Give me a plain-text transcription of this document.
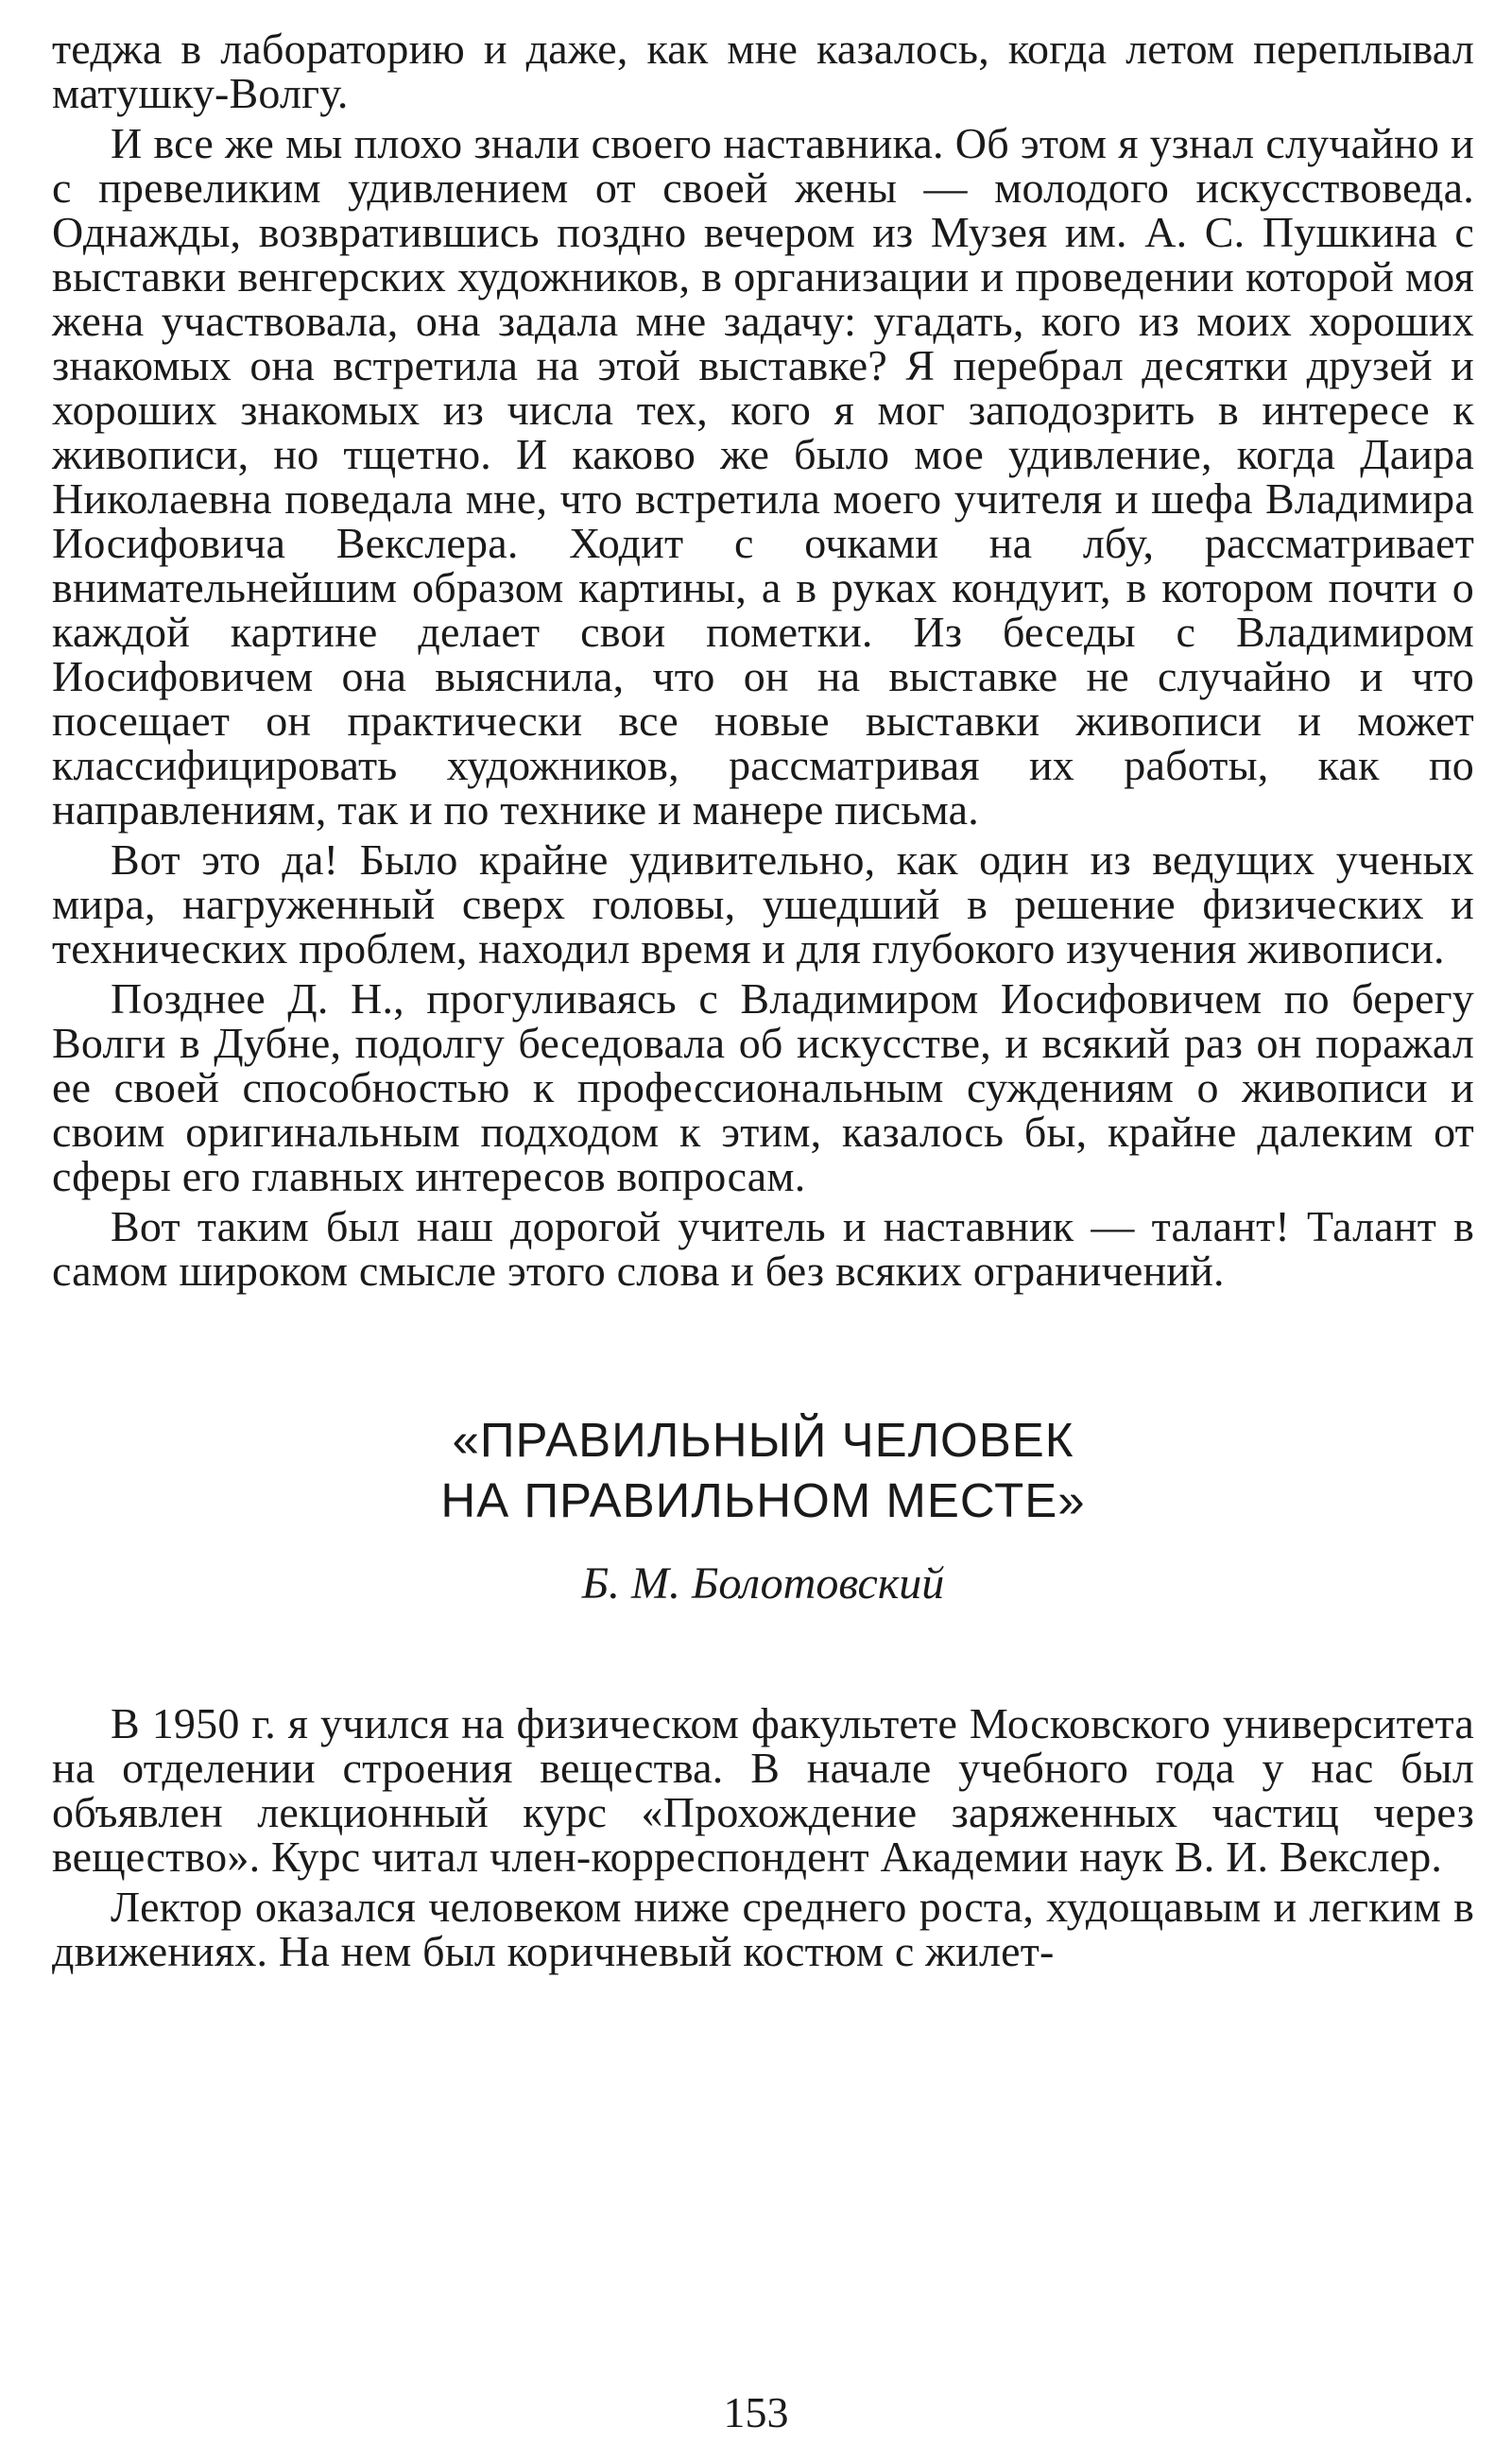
теджа в лабораторию и даже, как мне казалось, когда летом переплывал матушку-Волгу.

И все же мы плохо знали своего наставника. Об этом я узнал случайно и с превеликим удивлением от своей жены — молодого искусствоведа. Однажды, возвратившись поздно вечером из Музея им. А. С. Пушкина с выставки венгерских художников, в организации и проведении которой моя жена участвовала, она задала мне задачу: угадать, кого из моих хороших знакомых она встретила на этой выставке? Я перебрал десятки друзей и хороших знакомых из числа тех, кого я мог заподозрить в интересе к живописи, но тщетно. И каково же было мое удивление, когда Даира Николаевна поведала мне, что встретила моего учителя и шефа Владимира Иосифовича Векслера. Ходит с очками на лбу, рассматривает внимательнейшим образом картины, а в руках кондуит, в котором почти о каждой картине делает свои пометки. Из беседы с Владимиром Иосифовичем она выяснила, что он на выставке не случайно и что посещает он практически все новые выставки живописи и может классифицировать художников, рассматривая их работы, как по направлениям, так и по технике и манере письма.

Вот это да! Было крайне удивительно, как один из ведущих ученых мира, нагруженный сверх головы, ушедший в решение физических и технических проблем, находил время и для глубокого изучения живописи.

Позднее Д. Н., прогуливаясь с Владимиром Иосифовичем по берегу Волги в Дубне, подолгу беседовала об искусстве, и всякий раз он поражал ее своей способностью к профессиональным суждениям о живописи и своим оригинальным подходом к этим, казалось бы, крайне далеким от сферы его главных интересов вопросам.

Вот таким был наш дорогой учитель и наставник — талант! Талант в самом широком смысле этого слова и без всяких ограничений.

«ПРАВИЛЬНЫЙ ЧЕЛОВЕК
НА ПРАВИЛЬНОМ МЕСТЕ»

Б. М. Болотовский

В 1950 г. я учился на физическом факультете Московского университета на отделении строения вещества. В начале учебного года у нас был объявлен лекционный курс «Прохождение заряженных частиц через вещество». Курс читал член-корреспондент Академии наук В. И. Векслер.

Лектор оказался человеком ниже среднего роста, худощавым и легким в движениях. На нем был коричневый костюм с жилет-

153
